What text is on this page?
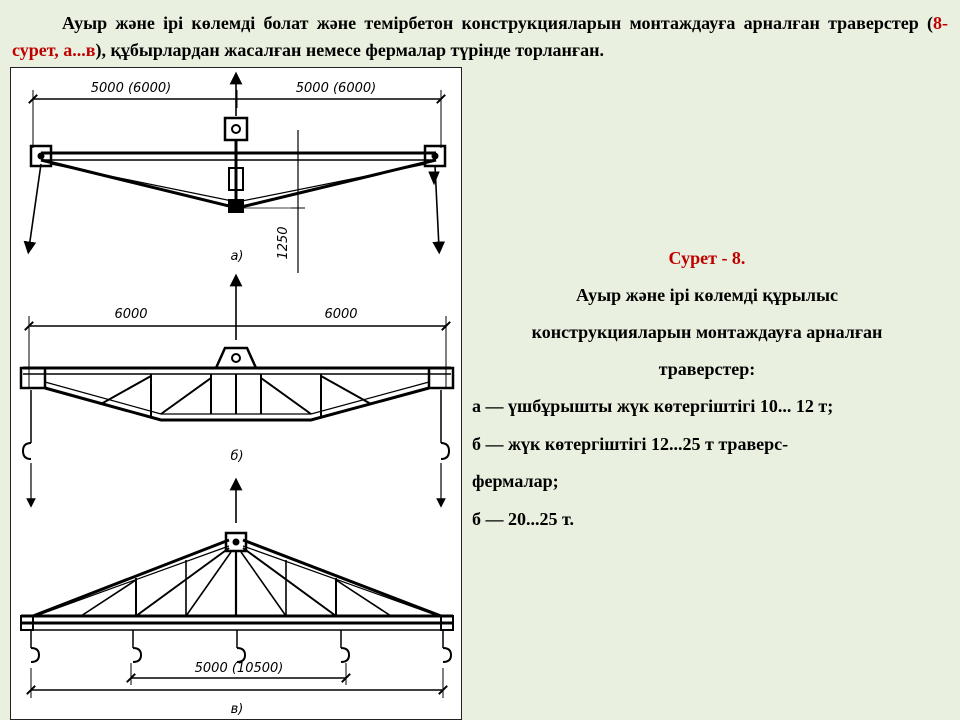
Ауыр және ірі көлемді болат және темірбетон конструкцияларын монтаждауға арналған траверстер (8-сурет, а...в), құбырлардан жасалған немесе фермалар түрінде торланған.
5000 (6000)	5000 (6000)
1250
а)
6000	6000
б)
5000 (10500)
в)
Сурет - 8.
Ауыр және ірі көлемді құрылыс
конструкцияларын монтаждауға арналған
траверстер:
а — үшбұрышты жүк көтергіштігі 10... 12 т;
б — жүк көтергіштігі 12...25 т траверс-
фермалар;
б — 20...25 т.
